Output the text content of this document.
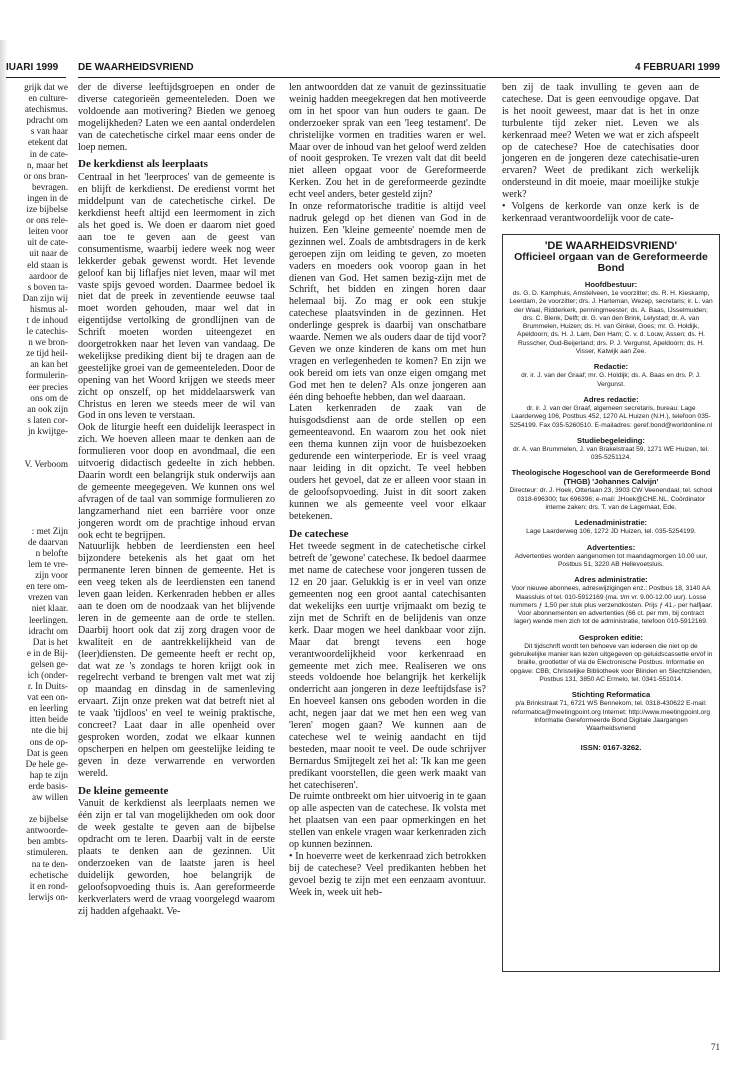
IUARI 1999
grijk dat we
en culture-
atechismus.
pdracht om
s van haar
etekent dat
in de cate-
n, maar het
or ons bran-
bevragen.
ingen in de
ize bijbelse
or ons rele-
leiten voor
uit de cate-
uit naar de
eld staan is
aardoor de
s boven ta-
Dan zijn wij
hismus al-
t de inhoud
le catechis-
n we bron-
ze tijd heil-
an kan het
formulerin-
eer precies
ons om de
an ook zijn
s laten cor-
jn kwijtge-

V. Verboom

: met Zijn
de daarvan
n belofte
lem te vre-
zijn voor
en tere om-
vrezen van
niet klaar.
leerlingen.
idracht om
Dat is het
e in de Bij-
gelsen ge-
ich (onder-
r. In Duits-
vat een on-
en leerling
itten beide
nte die bij
ons de op-
Dat is geen
De hele ge-
hap te zijn
erde basis-
aw willen

ze bijbelse
antwoorde-
ben ambts-
stimuleren.
na te den-
echetische
it en rond-
lerwijs on-
DE WAARHEIDSVRIEND	4 FEBRUARI 1999

der de diverse leeftijdsgroepen en onder de diverse categorieën gemeenteleden. Doen we voldoende aan motivering? Bieden we genoeg mogelijkheden? Laten we een aantal onderdelen van de catechetische cirkel maar eens onder de loep nemen.

De kerkdienst als leerplaats

Centraal in het 'leerproces' van de gemeente is en blijft de kerkdienst. De eredienst vormt het middelpunt van de catechetische cirkel. De kerkdienst heeft altijd een leermoment in zich als het goed is. We doen er daarom niet goed aan toe te geven aan de geest van consumentisme, waarbij iedere week nog weer lekkerder gebak gewenst wordt. Het levende geloof kan bij liflafjes niet leven, maar wil met vaste spijs gevoed worden. Daarmee bedoel ik niet dat de preek in zeventiende eeuwse taal moet worden gehouden, maar wel dat in eigentijdse vertolking de grondlijnen van de Schrift moeten worden uiteengezet en doorgetrokken naar het leven van vandaag. De wekelijkse prediking dient bij te dragen aan de geestelijke groei van de gemeenteleden. Door de opening van het Woord krijgen we steeds meer zicht op onszelf, op het middelaarswerk van Christus en leren we steeds meer de wil van God in ons leven te verstaan.

Ook de liturgie heeft een duidelijk leeraspect in zich. We hoeven alleen maar te denken aan de formulieren voor doop en avondmaal, die een uitvoerig didactisch gedeelte in zich hebben. Daarin wordt een belangrijk stuk onderwijs aan de gemeente meegegeven. We kunnen ons wel afvragen of de taal van sommige formulieren zo langzamerhand niet een barrière voor onze jongeren wordt om de prachtige inhoud ervan ook echt te begrijpen.

Natuurlijk hebben de leerdiensten een heel bijzondere betekenis als het gaat om het permanente leren binnen de gemeente. Het is een veeg teken als de leerdiensten een tanend leven gaan leiden. Kerkenraden hebben er alles aan te doen om de noodzaak van het blijvende leren in de gemeente aan de orde te stellen. Daarbij hoort ook dat zij zorg dragen voor de kwaliteit en de aantrekkelijkheid van de (leer)diensten. De gemeente heeft er recht op, dat wat ze 's zondags te horen krijgt ook in regelrecht verband te brengen valt met wat zij op maandag en dinsdag in de samenleving ervaart. Zijn onze preken wat dat betreft niet al te vaak 'tijdloos' en veel te weinig praktische, concreet? Laat daar in alle openheid over gesproken worden, zodat we elkaar kunnen opscherpen en helpen om geestelijke leiding te geven in deze verwarrende en verworden wereld.

De kleine gemeente

Vanuit de kerkdienst als leerplaats nemen we één zijn er tal van mogelijkheden om ook door de week gestalte te geven aan de bijbelse opdracht om te leren. Daarbij valt in de eerste plaats te denken aan de gezinnen. Uit onderzoeken van de laatste jaren is heel duidelijk geworden, hoe belangrijk de geloofsopvoeding thuis is. Aan gereformeerde kerkverlaters werd de vraag voorgelegd waarom zij hadden afgehaakt. Ve-

len antwoordden dat ze vanuit de gezinssituatie weinig hadden meegekregen dat hen motiveerde om in het spoor van hun ouders te gaan. De onderzoeker sprak van een 'leeg testament'. De christelijke vormen en tradities waren er wel. Maar over de inhoud van het geloof werd zelden of nooit gesproken. Te vrezen valt dat dit beeld niet alleen opgaat voor de Gereformeerde Kerken. Zou het in de gereformeerde gezindte echt veel anders, beter gesteld zijn?

In onze reformatorische traditie is altijd veel nadruk gelegd op het dienen van God in de huizen. Een 'kleine gemeente' noemde men de gezinnen wel. Zoals de ambtsdragers in de kerk geroepen zijn om leiding te geven, zo moeten vaders en moeders ook voorop gaan in het dienen van God. Het samen bezig-zijn met de Schrift, het bidden en zingen horen daar helemaal bij. Zo mag er ook een stukje catechese plaatsvinden in de gezinnen. Het onderlinge gesprek is daarbij van onschatbare waarde. Nemen we als ouders daar de tijd voor? Geven we onze kinderen de kans om met hun vragen en verlegenheden te komen? En zijn we ook bereid om iets van onze eigen omgang met God met hen te delen? Als onze jongeren aan één ding behoefte hebben, dan wel daaraan.

Laten kerkenraden de zaak van de huisgodsdienst aan de orde stellen op een gemeenteavond. En waarom zou het ook niet een thema kunnen zijn voor de huisbezoeken gedurende een winterperiode. Er is veel vraag naar leiding in dit opzicht. Te veel hebben ouders het gevoel, dat ze er alleen voor staan in de geloofsopvoeding. Juist in dit soort zaken kunnen we als gemeente veel voor elkaar betekenen.

De catechese

Het tweede segment in de catechetische cirkel betreft de 'gewone' catechese. Ik bedoel daarmee met name de catechese voor jongeren tussen de 12 en 20 jaar. Gelukkig is er in veel van onze gemeenten nog een groot aantal catechisanten dat wekelijks een uurtje vrijmaakt om bezig te zijn met de Schrift en de belijdenis van onze kerk. Daar mogen we heel dankbaar voor zijn. Maar dat brengt tevens een hoge verantwoordelijkheid voor kerkenraad en gemeente met zich mee. Realiseren we ons steeds voldoende hoe belangrijk het kerkelijk onderricht aan jongeren in deze leeftijdsfase is? En hoeveel kansen ons geboden worden in die acht, negen jaar dat we met hen een weg van 'leren' mogen gaan? We kunnen aan de catechese wel te weinig aandacht en tijd besteden, maar nooit te veel. De oude schrijver Bernardus Smijtegelt zei het al: 'Ik kan me geen predikant voorstellen, die geen werk maakt van het catechiseren'.

De ruimte ontbreekt om hier uitvoerig in te gaan op alle aspecten van de catechese. Ik volsta met het plaatsen van een paar opmerkingen en het stellen van enkele vragen waar kerkenraden zich op kunnen bezinnen.

• In hoeverre weet de kerkenraad zich betrokken bij de catechese? Veel predikanten hebben het gevoel bezig te zijn met een eenzaam avontuur. Week in, week uit heb-

ben zij de taak invulling te geven aan de catechese. Dat is geen eenvoudige opgave. Dat is het nooit geweest, maar dat is het in onze turbulente tijd zeker niet. Leven we als kerkenraad mee? Weten we wat er zich afspeelt op de catechese? Hoe de catechisaties door jongeren en de jongeren deze catechisatie-uren ervaren? Weet de predikant zich werkelijk ondersteund in dit moeie, maar moeilijke stukje werk?

• Volgens de kerkorde van onze kerk is de kerkenraad verantwoordelijk voor de cate-

'DE WAARHEIDSVRIEND'
Officieel orgaan van de Gereformeerde Bond
Hoofdbestuur:

ds. G. D. Kamphuis, Amstelveen, 1e voorzitter; ds. R. H. Kieskamp, Leerdam, 2e voorzitter; drs. J. Harteman, Wezep, secretaris; ir. L. van der Waal, Ridderkerk, penningmeester; ds. A. Baas, IJsselmuiden; drs. C. Blenk, Delft; dr. G. van den Brink, Lelystad; dr. A. van Brummelen, Huizen; ds. H. van Ginkel, Goes; mr. G. Holdijk, Apeldoorn; ds. H. J. Lam, Den Ham; C. v. d. Louw, Assen; ds. H. Russcher, Oud-Beijerland; drs. P. J. Vergunst, Apeldoorn; ds. H. Visser, Katwijk aan Zee.

Redactie:

dr. ir. J. van der Graaf; mr. G. Holdijk; ds. A. Baas en drs. P. J. Vergunst.

Adres redactie:

dr. ir. J. van der Graaf, algemeen secretaris, bureau: Lage Laarderweg 106, Postbus 452, 1270 AL Huizen (N.H.), telefoon 035-5254199. Fax 035-5260510. E-mailadres: geref.bond@worldonline.nl

Studiebegeleiding:

dr. A. van Brummelen, J. van Brakelstraat 59, 1271 WE Huizen, tel. 035-5251124.

Theologische Hogeschool van de Gereformeerde Bond (THGB) 'Johannes Calvijn'

Directeur: dr. J. Hoek, Otterlaan 23, 3903 CW Veenendaal, tel. school 0318-696300; fax 696396; e-mail: JHoek@CHE.NL. Coördinator interne zaken: drs. T. van de Lagemaat, Ede.

Ledenadministratie:

Lage Laarderweg 106, 1272 JD Huizen, tel. 035-5254199.

Advertenties:

Advertenties worden aangenomen tot maandagmorgen 10.00 uur, Postbus 51, 3220 AB Hellevoetsluis.

Adres administratie:

Voor nieuwe abonnees, adreswijzigingen enz.: Postbus 18, 3140 AA Maassluis of tel. 010-5912169 (ma. t/m vr. 9.00-12.00 uur). Losse nummers ƒ 1,50 per stuk plus verzendkosten. Prijs ƒ 41,- per halfjaar. Voor abonnementen en advertenties (66 ct. per mm, bij contract lager) wende men zich tot de administratie, telefoon 010-5912169.

Gesproken editie:

Dit tijdschrift wordt ten behoeve van iedereen die niet op de gebruikelijke manier kan lezen uitgegeven op geluidscassette en/of in braille, grootletter of via de Electronische Postbus. Informatie en opgave: CBB, Christelijke Bibliotheek voor Blinden en Slechtzienden, Postbus 131, 3850 AC Ermelo, tel. 0341-551014.

Stichting Reformatica

p/a Brinkstraat 71, 6721 WS Bennekom, tel. 0318-430622 E-mail: reformatica@meetingpoint.org Internet: http://www.meetingpoint.org Informatie Gereformeerde Bond Digitale Jaargangen Waarheidsvriend

ISSN: 0167-3262.
71
